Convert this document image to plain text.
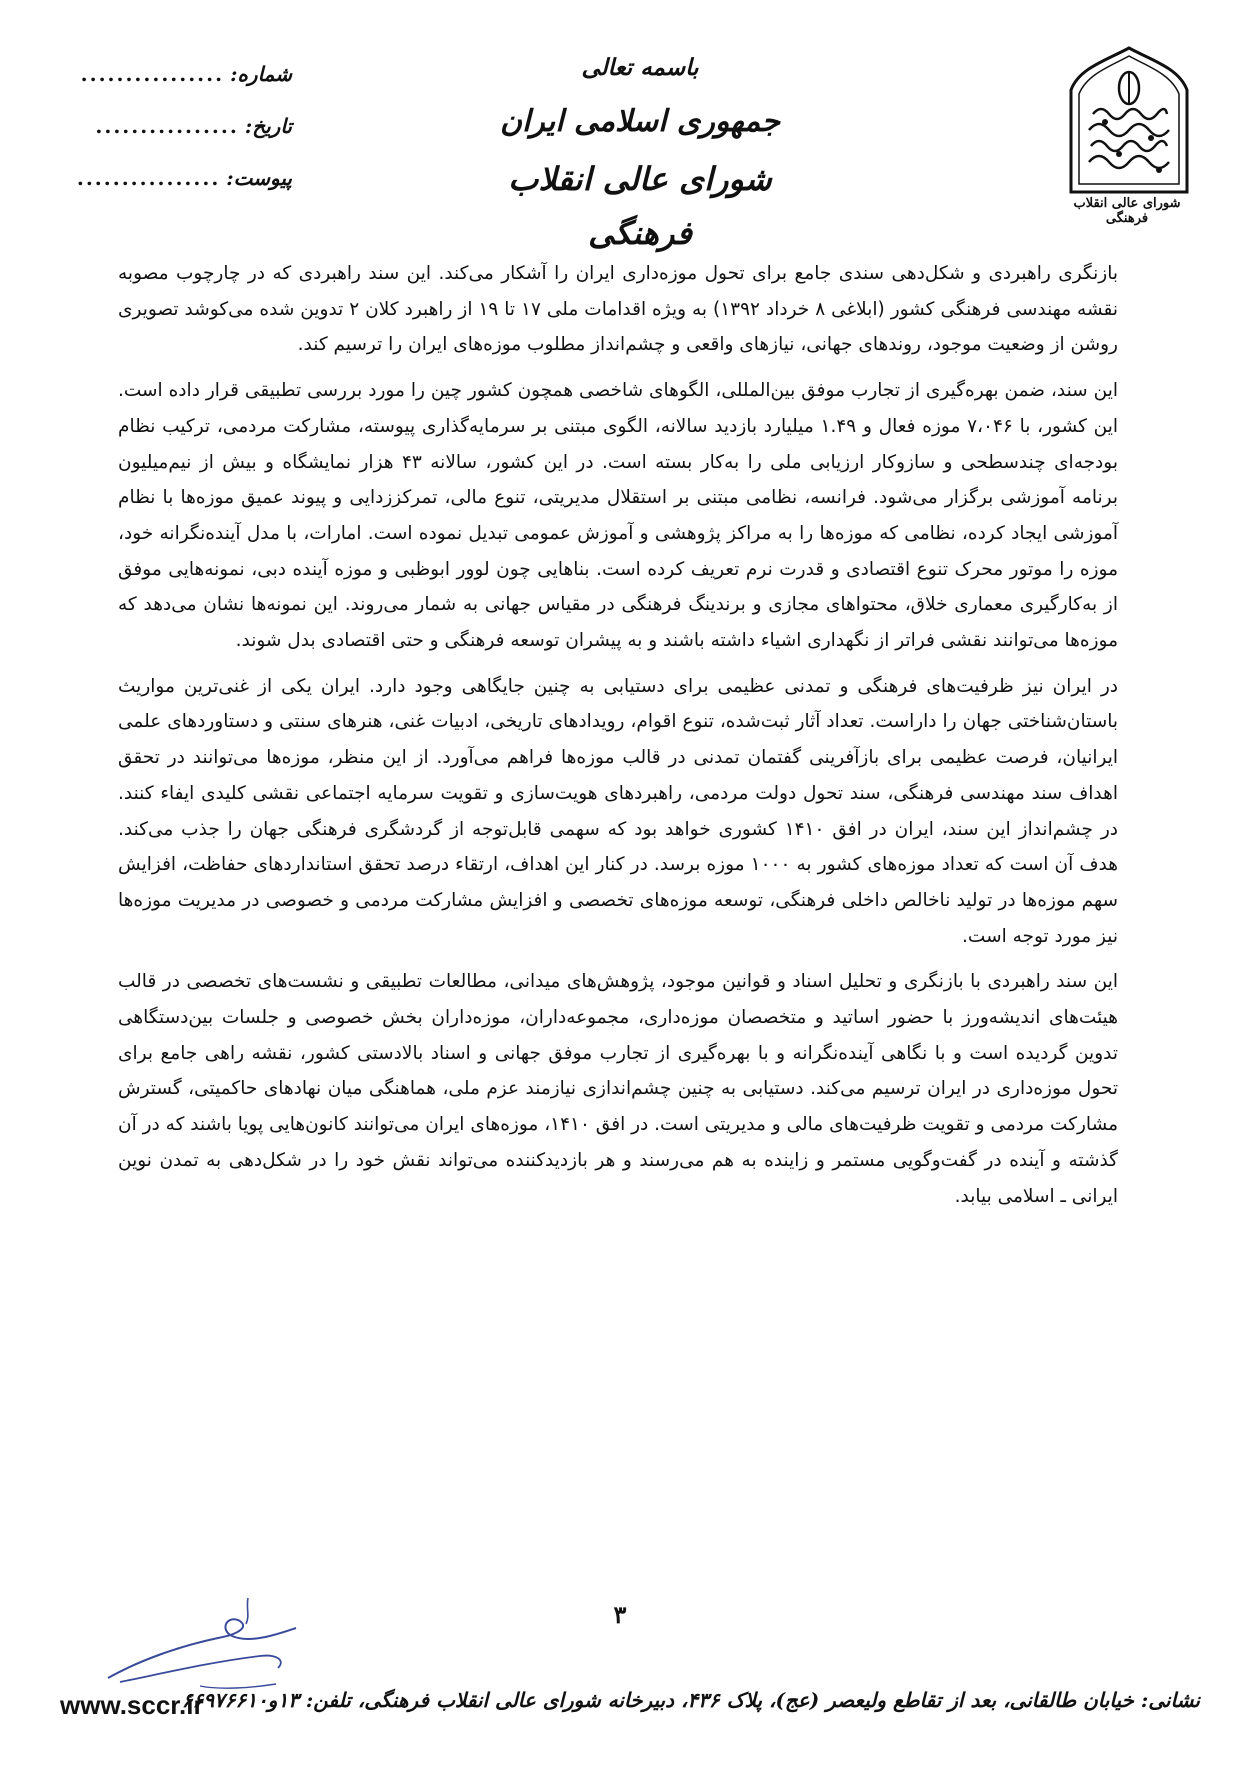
شورای عالی انقلاب فرهنگی
باسمه تعالی
جمهوری اسلامی ایران
شورای عالی انقلاب فرهنگی
شماره:
................
تاریخ:
................
پیوست:
................

بازنگری راهبردی و شکل‌دهی سندی جامع برای تحول موزه‌داری ایران را آشکار می‌کند. این سند راهبردی که در چارچوب مصوبه نقشه مهندسی فرهنگی کشور (ابلاغی ۸ خرداد ۱۳۹۲) به ویژه اقدامات ملی ۱۷ تا ۱۹ از راهبرد کلان ۲ تدوین شده می‌کوشد تصویری روشن از وضعیت موجود، روندهای جهانی، نیازهای واقعی و چشم‌انداز مطلوب موزه‌های ایران را ترسیم کند.

این سند، ضمن بهره‌گیری از تجارب موفق بین‌المللی، الگوهای شاخصی همچون کشور چین را مورد بررسی تطبیقی قرار داده است. این کشور، با ۷،۰۴۶ موزه فعال و ۱.۴۹ میلیارد بازدید سالانه، الگوی مبتنی بر سرمایه‌گذاری پیوسته، مشارکت مردمی، ترکیب نظام بودجه‌ای چندسطحی و سازوکار ارزیابی ملی را به‌کار بسته است. در این کشور، سالانه ۴۳ هزار نمایشگاه و بیش از نیم‌میلیون برنامه آموزشی برگزار می‌شود. فرانسه، نظامی مبتنی بر استقلال مدیریتی، تنوع مالی، تمرکززدایی و پیوند عمیق موزه‌ها با نظام آموزشی ایجاد کرده، نظامی که موزه‌ها را به مراکز پژوهشی و آموزش عمومی تبدیل نموده است. امارات، با مدل آینده‌نگرانه خود، موزه را موتور محرک تنوع اقتصادی و قدرت نرم تعریف کرده است. بناهایی چون لوور ابوظبی و موزه آینده دبی، نمونه‌هایی موفق از به‌کارگیری معماری خلاق، محتواهای مجازی و برندینگ فرهنگی در مقیاس جهانی به شمار می‌روند. این نمونه‌ها نشان می‌دهد که موزه‌ها می‌توانند نقشی فراتر از نگهداری اشیاء داشته باشند و به پیشران توسعه فرهنگی و حتی اقتصادی بدل شوند.

در ایران نیز ظرفیت‌های فرهنگی و تمدنی عظیمی برای دستیابی به چنین جایگاهی وجود دارد. ایران یکی از غنی‌ترین مواریث باستان‌شناختی جهان را داراست. تعداد آثار ثبت‌شده، تنوع اقوام، رویدادهای تاریخی، ادبیات غنی، هنرهای سنتی و دستاوردهای علمی ایرانیان، فرصت عظیمی برای بازآفرینی گفتمان تمدنی در قالب موزه‌ها فراهم می‌آورد. از این منظر، موزه‌ها می‌توانند در تحقق اهداف سند مهندسی فرهنگی، سند تحول دولت مردمی، راهبردهای هویت‌سازی و تقویت سرمایه اجتماعی نقشی کلیدی ایفاء کنند. در چشم‌انداز این سند، ایران در افق ۱۴۱۰ کشوری خواهد بود که سهمی قابل‌توجه از گردشگری فرهنگی جهان را جذب می‌کند. هدف آن است که تعداد موزه‌های کشور به ۱۰۰۰ موزه برسد. در کنار این اهداف، ارتقاء درصد تحقق استانداردهای حفاظت، افزایش سهم موزه‌ها در تولید ناخالص داخلی فرهنگی، توسعه موزه‌های تخصصی و افزایش مشارکت مردمی و خصوصی در مدیریت موزه‌ها نیز مورد توجه است.

این سند راهبردی با بازنگری و تحلیل اسناد و قوانین موجود، پژوهش‌های میدانی، مطالعات تطبیقی و نشست‌های تخصصی در قالب هیئت‌های اندیشه‌ورز با حضور اساتید و متخصصان موزه‌داری، مجموعه‌داران، موزه‌داران بخش خصوصی و جلسات بین‌دستگاهی تدوین گردیده است و با نگاهی آینده‌نگرانه و با بهره‌گیری از تجارب موفق جهانی و اسناد بالادستی کشور، نقشه راهی جامع برای تحول موزه‌داری در ایران ترسیم می‌کند. دستیابی به چنین چشم‌اندازی نیازمند عزم ملی، هماهنگی میان نهادهای حاکمیتی، گسترش مشارکت مردمی و تقویت ظرفیت‌های مالی و مدیریتی است. در افق ۱۴۱۰، موزه‌های ایران می‌توانند کانون‌هایی پویا باشند که در آن گذشته و آینده در گفت‌وگویی مستمر و زاینده به هم می‌رسند و هر بازدیدکننده می‌تواند نقش خود را در شکل‌دهی به تمدن نوین ایرانی ـ اسلامی بیابد.

۳
www.sccr.ir
نشانی: خیابان طالقانی، بعد از تقاطع ولیعصر (عج)، پلاک ۴۳۶، دبیرخانه شورای عالی انقلاب فرهنگی، تلفن: ۱۳و۶۶۹۷۶۶۱۰
